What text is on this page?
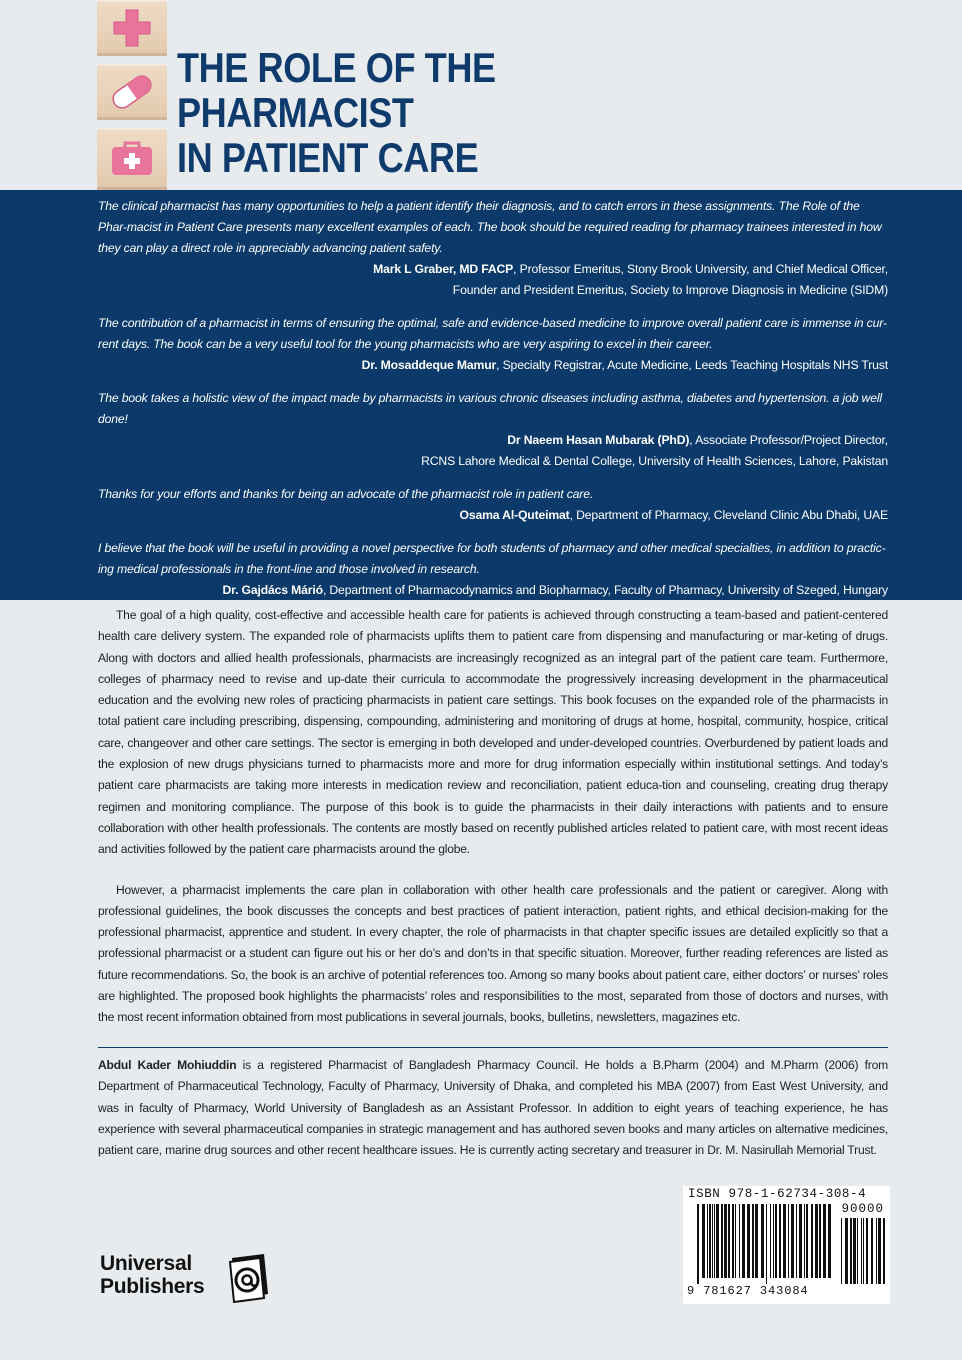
THE ROLE OF THE
PHARMACIST
IN PATIENT CARE

The clinical pharmacist has many opportunities to help a patient identify their diagnosis, and to catch errors in these assignments. The Role of the Phar-macist in Patient Care presents many excellent examples of each. The book should be required reading for pharmacy trainees interested in how they can play a direct role in appreciably advancing patient safety.

Mark L Graber, MD FACP, Professor Emeritus, Stony Brook University, and Chief Medical Officer,

Founder and President Emeritus, Society to Improve Diagnosis in Medicine (SIDM)

The contribution of a pharmacist in terms of ensuring the optimal, safe and evidence-based medicine to improve overall patient care is immense in cur-rent days. The book can be a very useful tool for the young pharmacists who are very aspiring to excel in their career.

Dr. Mosaddeque Mamur, Specialty Registrar, Acute Medicine, Leeds Teaching Hospitals NHS Trust

The book takes a holistic view of the impact made by pharmacists in various chronic diseases including asthma, diabetes and hypertension. a job well done!

Dr Naeem Hasan Mubarak (PhD), Associate Professor/Project Director,

RCNS Lahore Medical & Dental College, University of Health Sciences, Lahore, Pakistan

Thanks for your efforts and thanks for being an advocate of the pharmacist role in patient care.

Osama Al-Quteimat, Department of Pharmacy, Cleveland Clinic Abu Dhabi, UAE

I believe that the book will be useful in providing a novel perspective for both students of pharmacy and other medical specialties, in addition to practic-ing medical professionals in the front-line and those involved in research.

Dr. Gajdács Márió, Department of Pharmacodynamics and Biopharmacy, Faculty of Pharmacy, University of Szeged, Hungary

The goal of a high quality, cost-effective and accessible health care for patients is achieved through constructing a team-based and patient-centered health care delivery system. The expanded role of pharmacists uplifts them to patient care from dispensing and manufacturing or mar-keting of drugs. Along with doctors and allied health professionals, pharmacists are increasingly recognized as an integral part of the patient care team. Furthermore, colleges of pharmacy need to revise and up-date their curricula to accommodate the progressively increasing development in the pharmaceutical education and the evolving new roles of practicing pharmacists in patient care settings. This book focuses on the expanded role of the pharmacists in total patient care including prescribing, dispensing, compounding, administering and monitoring of drugs at home, hospital, community, hospice, critical care, changeover and other care settings. The sector is emerging in both developed and under-developed countries. Overburdened by patient loads and the explosion of new drugs physicians turned to pharmacists more and more for drug information especially within institutional settings. And today’s patient care pharmacists are taking more interests in medication review and reconciliation, patient educa-tion and counseling, creating drug therapy regimen and monitoring compliance. The purpose of this book is to guide the pharmacists in their daily interactions with patients and to ensure collaboration with other health professionals. The contents are mostly based on recently published articles related to patient care, with most recent ideas and activities followed by the patient care pharmacists around the globe.

However, a pharmacist implements the care plan in collaboration with other health care professionals and the patient or caregiver. Along with professional guidelines, the book discusses the concepts and best practices of patient interaction, patient rights, and ethical decision-making for the professional pharmacist, apprentice and student. In every chapter, the role of pharmacists in that chapter specific issues are detailed explicitly so that a professional pharmacist or a student can figure out his or her do’s and don’ts in that specific situation. Moreover, further reading references are listed as future recommendations. So, the book is an archive of potential references too. Among so many books about patient care, either doctors’ or nurses’ roles are highlighted. The proposed book highlights the pharmacists’ roles and responsibilities to the most, separated from those of doctors and nurses, with the most recent information obtained from most publications in several journals, books, bulletins, newsletters, magazines etc.

Abdul Kader Mohiuddin is a registered Pharmacist of Bangladesh Pharmacy Council. He holds a B.Pharm (2004) and M.Pharm (2006) from Department of Pharmaceutical Technology, Faculty of Pharmacy, University of Dhaka, and completed his MBA (2007) from East West University, and was in faculty of Pharmacy, World University of Bangladesh as an Assistant Professor. In addition to eight years of teaching experience, he has experience with several pharmaceutical companies in strategic management and has authored seven books and many articles on alternative medicines, patient care, marine drug sources and other recent healthcare issues. He is currently acting secretary and treasurer in Dr. M. Nasirullah Memorial Trust.

ISBN 978-1-62734-308-4
90000
9 781627 343084
Universal
Publishers
